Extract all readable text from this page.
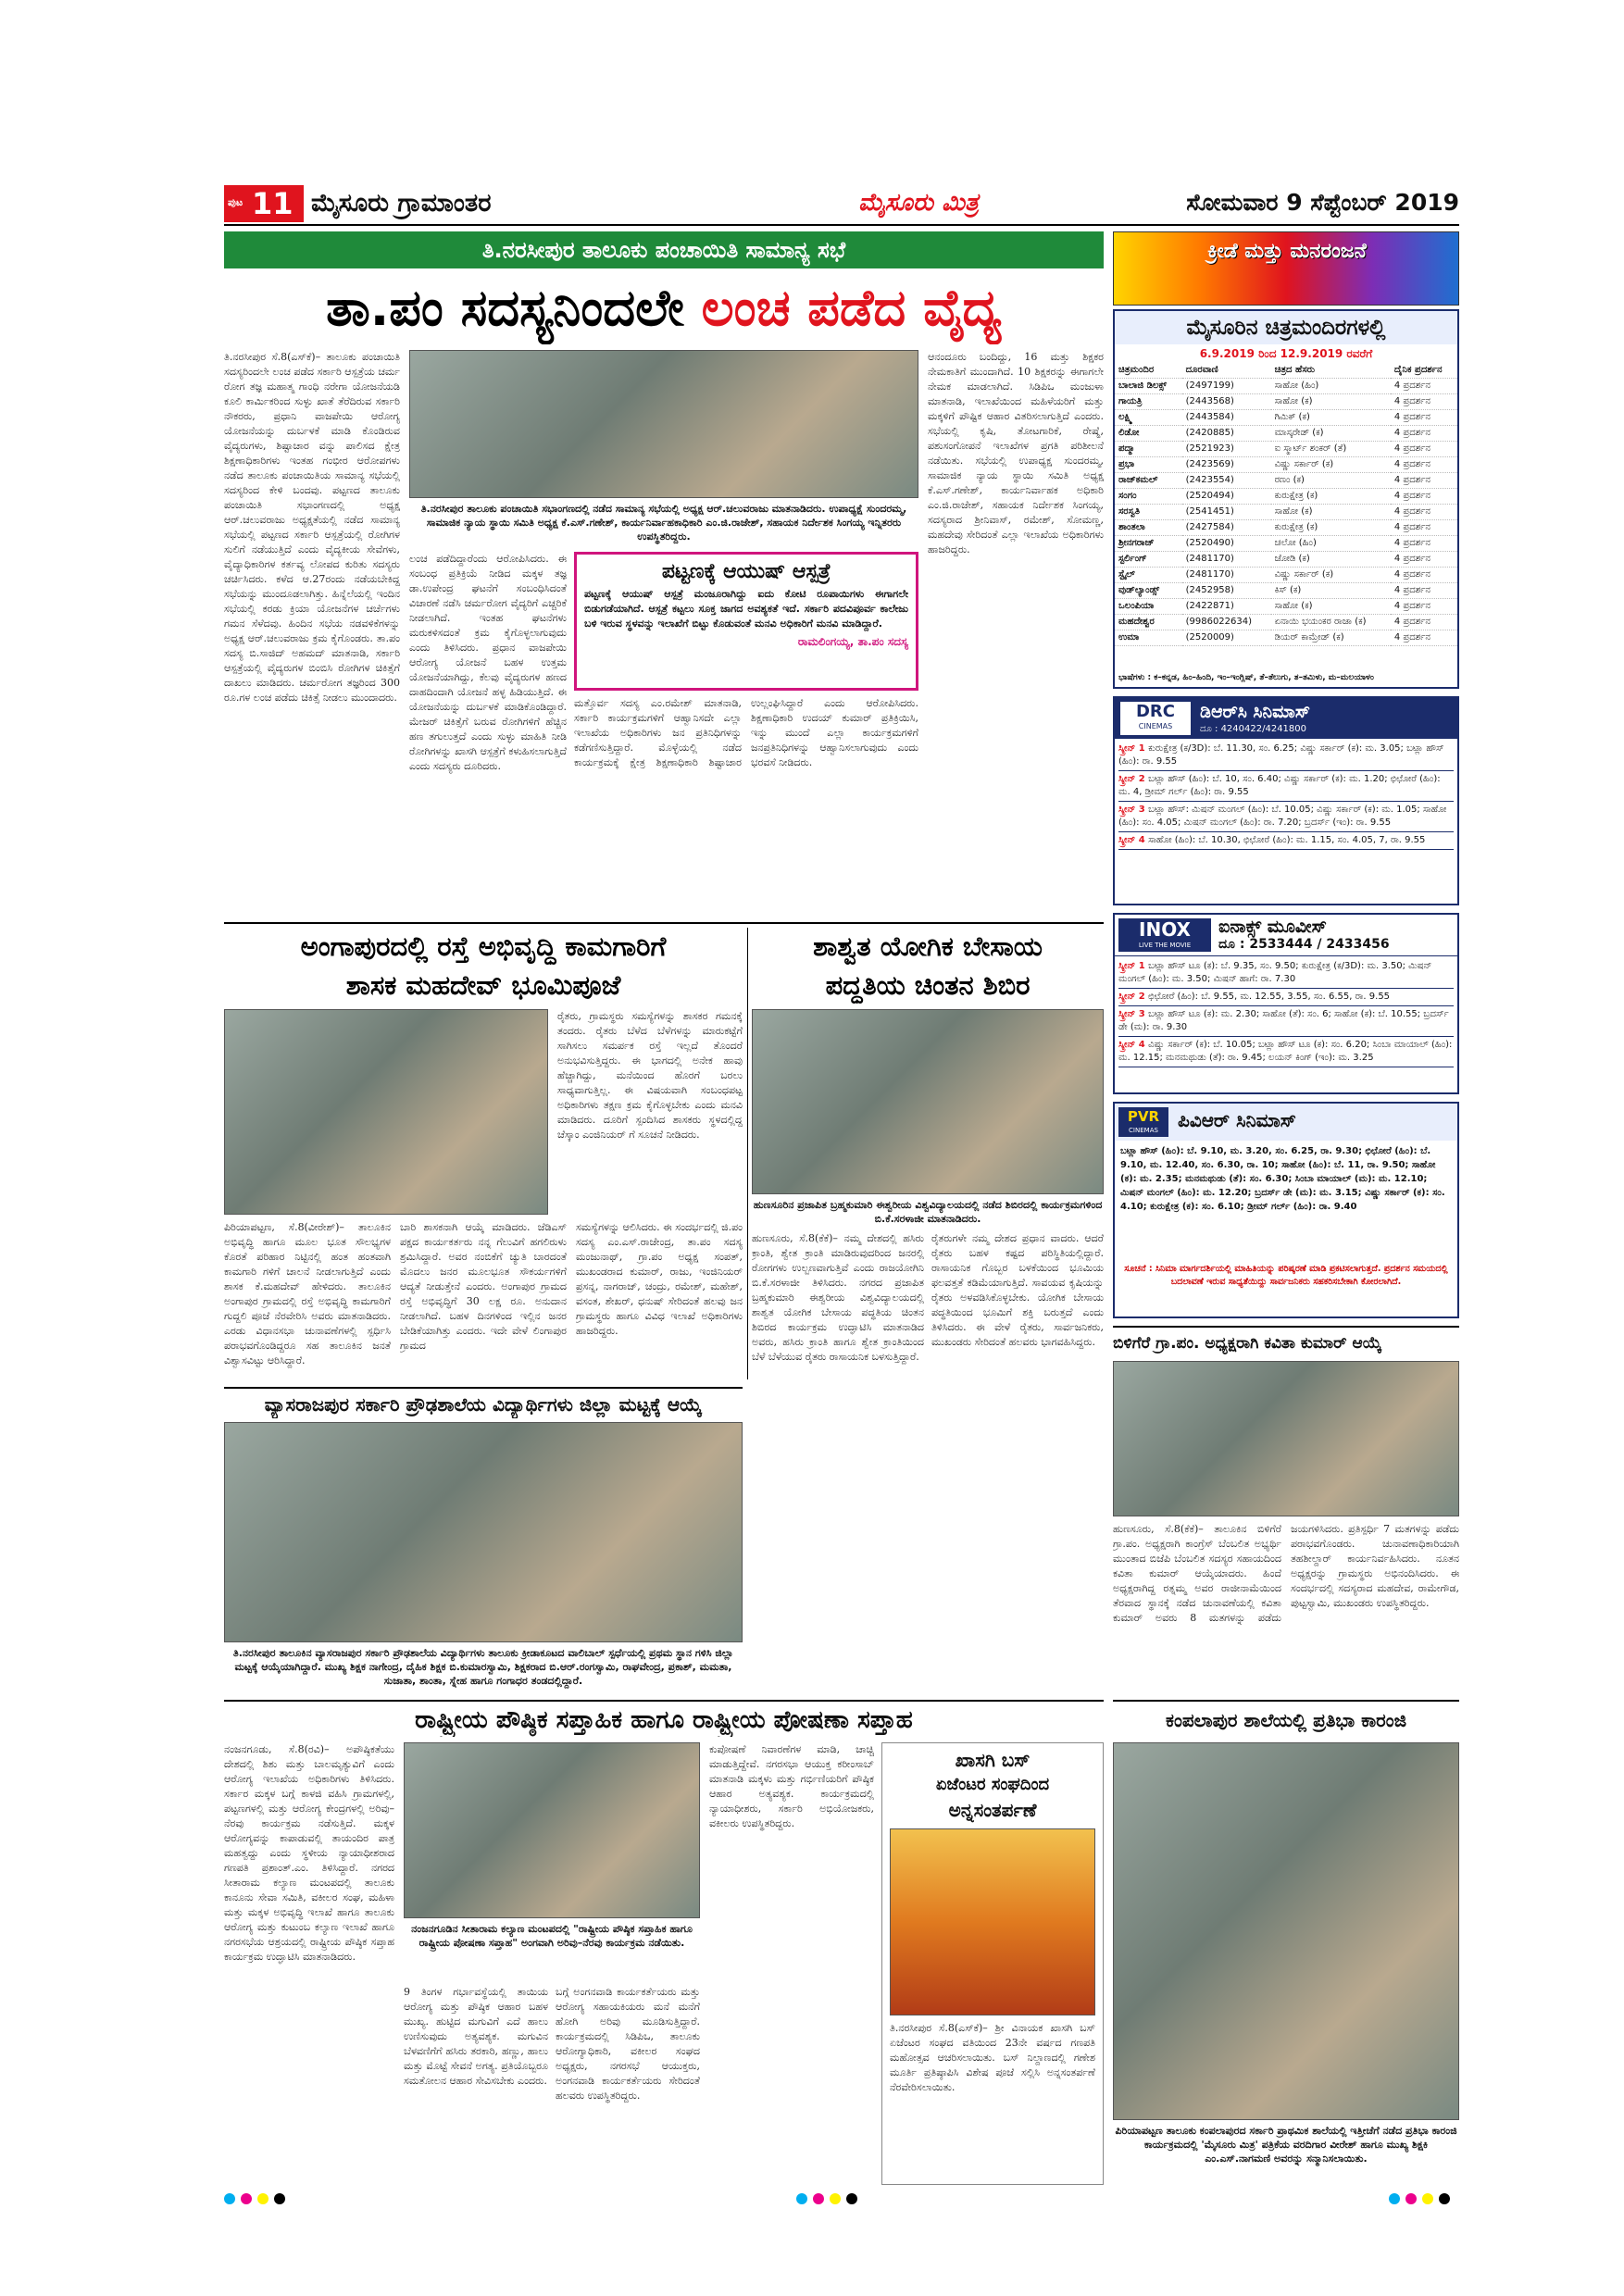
ಪುಟ 11 ಮೈಸೂರು ಗ್ರಾಮಾಂತರ	ಮೈಸೂರು ಮಿತ್ರ	ಸೋಮವಾರ 9 ಸೆಪ್ಟೆಂಬರ್ 2019
ತಿ.ನರಸೀಪುರ ತಾಲೂಕು ಪಂಚಾಯಿತಿ ಸಾಮಾನ್ಯ ಸಭೆ
ತಾ.ಪಂ ಸದಸ್ಯನಿಂದಲೇ ಲಂಚ ಪಡೆದ ವೈದ್ಯ
ತಿ.ನರಸೀಪುರ ಸೆ.8(ಎಸ್‌ಕೆ)– ತಾಲೂಕು ಪಂಚಾಯಿತಿ ಸದಸ್ಯರಿಂದಲೇ ಲಂಚ ಪಡೆದ ಸರ್ಕಾರಿ ಆಸ್ಪತ್ರೆಯ ಚರ್ಮ ರೋಗ ತಜ್ಞ ಮಹಾತ್ಮ ಗಾಂಧಿ ನರೇಗಾ ಯೋಜನೆಯಡಿ ಕೂಲಿ ಕಾರ್ಮಿಕರಿಂದ ಸುಳ್ಳು ಖಾತೆ ತೆರೆದಿರುವ ಸರ್ಕಾರಿ ನೌಕರರು, ಪ್ರಧಾನಿ ವಾಜಪೇಯಿ ಆರೋಗ್ಯ ಯೋಜನೆಯನ್ನು ದುರ್ಬಳಕೆ ಮಾಡಿ ಕೊಂಡಿರುವ ವೈದ್ಯರುಗಳು, ಶಿಷ್ಟಾಚಾರ ವನ್ನು ಪಾಲಿಸದ ಕ್ಷೇತ್ರ ಶಿಕ್ಷಣಾಧಿಕಾರಿಗಳು ಇಂತಹ ಗಂಭೀರ ಆರೋಪಗಳು ನಡೆದ ತಾಲೂಕು ಪಂಚಾಯಿತಿಯ ಸಾಮಾನ್ಯ ಸಭೆಯಲ್ಲಿ ಸದಸ್ಯರಿಂದ ಕೇಳಿ ಬಂದವು. ಪಟ್ಟಣದ ತಾಲೂಕು ಪಂಚಾಯಿತಿ ಸಭಾಂಗಣದಲ್ಲಿ ಅಧ್ಯಕ್ಷ ಆರ್.ಚಲುವರಾಜು ಅಧ್ಯಕ್ಷತೆಯಲ್ಲಿ ನಡೆದ ಸಾಮಾನ್ಯ ಸಭೆಯಲ್ಲಿ ಪಟ್ಟಣದ ಸರ್ಕಾರಿ ಆಸ್ಪತ್ರೆಯಲ್ಲಿ ರೋಗಿಗಳ ಸುಲಿಗೆ ನಡೆಯುತ್ತಿದೆ ಎಂದು ವೈದ್ಯಕೀಯ ಸೇವೆಗಳು, ವೈದ್ಯಾಧಿಕಾರಿಗಳ ಕರ್ತವ್ಯ ಲೋಪದ ಕುರಿತು ಸದಸ್ಯರು ಚರ್ಚಿಸಿದರು. ಕಳೆದ ಆ.27ರಂದು ನಡೆಯಬೇಕಿದ್ದ ಸಭೆಯನ್ನು ಮುಂದೂಡಲಾಗಿತ್ತು. ಹಿನ್ನೆಲೆಯಲ್ಲಿ ಇಂದಿನ ಸಭೆಯಲ್ಲಿ ಕರಡು ಕ್ರಿಯಾ ಯೋಜನೆಗಳ ಚರ್ಚೆಗಳು ಗಮನ ಸೆಳೆದವು. ಹಿಂದಿನ ಸಭೆಯ ನಡವಳಿಕೆಗಳನ್ನು ಅಧ್ಯಕ್ಷ ಆರ್.ಚಲುವರಾಜು ಕ್ರಮ ಕೈಗೊಂಡರು. ತಾ.ಪಂ ಸದಸ್ಯ ಬಿ.ಸಾಜಿದ್ ಅಹಮದ್ ಮಾತನಾಡಿ, ಸರ್ಕಾರಿ ಆಸ್ಪತ್ರೆಯಲ್ಲಿ ವೈದ್ಯರುಗಳ ಬಿಂಬಿಸಿ ರೋಗಿಗಳ ಚಿಕಿತ್ಸೆಗೆ ದಾಖಲು ಮಾಡಿದರು. ಚರ್ಮರೋಗ ತಜ್ಞರಿಂದ 300 ರೂ.ಗಳ ಲಂಚ ಪಡೆದು ಚಿಕಿತ್ಸೆ ನೀಡಲು ಮುಂದಾದರು.
ತಿ.ನರಸೀಪುರ ತಾಲೂಕು ಪಂಚಾಯಿತಿ ಸಭಾಂಗಣದಲ್ಲಿ ನಡೆದ ಸಾಮಾನ್ಯ ಸಭೆಯಲ್ಲಿ ಅಧ್ಯಕ್ಷ ಆರ್.ಚಲುವರಾಜು ಮಾತನಾಡಿದರು. ಉಪಾಧ್ಯಕ್ಷೆ ಸುಂದರಮ್ಮ, ಸಾಮಾಜಿಕ ನ್ಯಾಯ ಸ್ಥಾಯಿ ಸಮಿತಿ ಅಧ್ಯಕ್ಷ ಕೆ.ಎಸ್.ಗಣೇಶ್, ಕಾರ್ಯನಿರ್ವಾಹಕಾಧಿಕಾರಿ ಎಂ.ಜಿ.ರಾಜೇಶ್, ಸಹಾಯಕ ನಿರ್ದೇಶಕ ಸಿಂಗಯ್ಯ ಇನ್ನಿತರರು ಉಪಸ್ಥಿತರಿದ್ದರು.
ಲಂಚ ಪಡೆದಿದ್ದಾರೆಂದು ಆರೋಪಿಸಿದರು. ಈ ಸಂಬಂಧ ಪ್ರತಿಕ್ರಿಯೆ ನೀಡಿದ ಮಕ್ಕಳ ತಜ್ಞ ಡಾ.ಉಪೇಂದ್ರ ಘಟನೆಗೆ ಸಂಬಂಧಿಸಿದಂತೆ ವಿಚಾರಣೆ ನಡೆಸಿ ಚರ್ಮರೋಗ ವೈದ್ಯರಿಗೆ ಎಚ್ಚರಿಕೆ ನೀಡಲಾಗಿದೆ. ಇಂತಹ ಘಟನೆಗಳು ಮರುಕಳಿಸದಂತೆ ಕ್ರಮ ಕೈಗೊಳ್ಳಲಾಗುವುದು ಎಂದು ತಿಳಿಸಿದರು. ಪ್ರಧಾನ ವಾಜಪೇಯಿ ಆರೋಗ್ಯ ಯೋಜನೆ ಬಹಳ ಉತ್ತಮ ಯೋಜನೆಯಾಗಿದ್ದು, ಕೆಲವು ವೈದ್ಯರುಗಳ ಹಣದ ದಾಹದಿಂದಾಗಿ ಯೋಜನೆ ಹಳ್ಳ ಹಿಡಿಯುತ್ತಿದೆ. ಈ ಯೋಜನೆಯನ್ನು ದುರ್ಬಳಕೆ ಮಾಡಿಕೊಂಡಿದ್ದಾರೆ. ಮೇಜರ್ ಚಿಕಿತ್ಸೆಗೆ ಬರುವ ರೋಗಿಗಳಿಗೆ ಹೆಚ್ಚಿನ ಹಣ ತಗುಲುತ್ತದೆ ಎಂದು ಸುಳ್ಳು ಮಾಹಿತಿ ನೀಡಿ ರೋಗಿಗಳನ್ನು ಖಾಸಗಿ ಆಸ್ಪತ್ರೆಗೆ ಕಳುಹಿಸಲಾಗುತ್ತಿದೆ ಎಂದು ಸದಸ್ಯರು ದೂರಿದರು.
ಪಟ್ಟಣಕ್ಕೆ ಆಯುಷ್ ಆಸ್ಪತ್ರೆ
ಪಟ್ಟಣಕ್ಕೆ ಆಯುಷ್ ಆಸ್ಪತ್ರೆ ಮಂಜೂರಾಗಿದ್ದು ಐದು ಕೋಟಿ ರೂಪಾಯಿಗಳು ಈಗಾಗಲೇ ಬಿಡುಗಡೆಯಾಗಿದೆ. ಆಸ್ಪತ್ರೆ ಕಟ್ಟಲು ಸೂಕ್ತ ಜಾಗದ ಅವಶ್ಯಕತೆ ಇದೆ. ಸರ್ಕಾರಿ ಪದವಿಪೂರ್ವ ಕಾಲೇಜು ಬಳಿ ಇರುವ ಸ್ಥಳವನ್ನು ಇಲಾಖೆಗೆ ಬಿಟ್ಟು ಕೊಡುವಂತೆ ಮನವಿ ಅಧಿಕಾರಿಗೆ ಮನವಿ ಮಾಡಿದ್ದಾರೆ.
ರಾಮಲಿಂಗಯ್ಯ, ತಾ.ಪಂ ಸದಸ್ಯ
ಮತ್ತೊರ್ವ ಸದಸ್ಯ ಎಂ.ರಮೇಶ್ ಮಾತನಾಡಿ, ಸರ್ಕಾರಿ ಕಾರ್ಯಕ್ರಮಗಳಿಗೆ ಆಹ್ವಾನಿಸದೇ ಎಲ್ಲಾ ಇಲಾಖೆಯ ಅಧಿಕಾರಿಗಳು ಜನ ಪ್ರತಿನಿಧಿಗಳನ್ನು ಕಡೆಗಣಿಸುತ್ತಿದ್ದಾರೆ. ಮೊಳ್ಳೆಯಲ್ಲಿ ನಡೆದ ಕಾರ್ಯಕ್ರಮಕ್ಕೆ ಕ್ಷೇತ್ರ ಶಿಕ್ಷಣಾಧಿಕಾರಿ ಶಿಷ್ಟಾಚಾರ ಉಲ್ಲಂಘಿಸಿದ್ದಾರೆ ಎಂದು ಆರೋಪಿಸಿದರು. ಶಿಕ್ಷಣಾಧಿಕಾರಿ ಉದಯ್ ಕುಮಾರ್ ಪ್ರತಿಕ್ರಿಯಿಸಿ, ಇನ್ನು ಮುಂದೆ ಎಲ್ಲಾ ಕಾರ್ಯಕ್ರಮಗಳಿಗೆ ಜನಪ್ರತಿನಿಧಿಗಳನ್ನು ಆಹ್ವಾನಿಸಲಾಗುವುದು ಎಂದು ಭರವಸೆ ನೀಡಿದರು.
ಆನಂದೂರು ಬಂದಿದ್ದು, 16 ಮತ್ತು ಶಿಕ್ಷಕರ ನೇಮಕಾತಿಗೆ ಮುಂದಾಗಿದೆ. 10 ಶಿಕ್ಷಕರನ್ನು ಈಗಾಗಲೇ ನೇಮಕ ಮಾಡಲಾಗಿದೆ. ಸಿಡಿಪಿಒ ಮಂಜುಳಾ ಮಾತನಾಡಿ, ಇಲಾಖೆಯಿಂದ ಮಹಿಳೆಯರಿಗೆ ಮತ್ತು ಮಕ್ಕಳಿಗೆ ಪೌಷ್ಟಿಕ ಆಹಾರ ವಿತರಿಸಲಾಗುತ್ತಿದೆ ಎಂದರು. ಸಭೆಯಲ್ಲಿ ಕೃಷಿ, ತೋಟಗಾರಿಕೆ, ರೇಷ್ಮೆ, ಪಶುಸಂಗೋಪನೆ ಇಲಾಖೆಗಳ ಪ್ರಗತಿ ಪರಿಶೀಲನೆ ನಡೆಯಿತು. ಸಭೆಯಲ್ಲಿ ಉಪಾಧ್ಯಕ್ಷ ಸುಂದರಮ್ಮ, ಸಾಮಾಜಿಕ ನ್ಯಾಯ ಸ್ಥಾಯಿ ಸಮಿತಿ ಅಧ್ಯಕ್ಷ ಕೆ.ಎಸ್.ಗಣೇಶ್, ಕಾರ್ಯನಿರ್ವಾಹಕ ಅಧಿಕಾರಿ ಎಂ.ಜಿ.ರಾಜೇಶ್, ಸಹಾಯಕ ನಿರ್ದೇಶಕ ಸಿಂಗಯ್ಯ, ಸದಸ್ಯರಾದ ಶ್ರೀನಿವಾಸ್, ರಮೇಶ್, ಸೋಮಣ್ಣ, ಮಹದೇವು ಸೇರಿದಂತೆ ಎಲ್ಲಾ ಇಲಾಖೆಯ ಅಧಿಕಾರಿಗಳು ಹಾಜರಿದ್ದರು.
ಕ್ರೀಡೆ ಮತ್ತು ಮನರಂಜನೆ
ಮೈಸೂರಿನ ಚಿತ್ರಮಂದಿರಗಳಲ್ಲಿ
6.9.2019 ರಿಂದ 12.9.2019 ರವರೆಗೆ
ಚಿತ್ರಮಂದಿರ	ದೂರವಾಣಿ	ಚಿತ್ರದ ಹೆಸರು	ದೈನಿಕ ಪ್ರದರ್ಶನ
ಬಾಲಾಜಿ ಡಿಲಕ್ಸ್	(2497199)	ಸಾಹೋ (ಹಿಂ)	4 ಪ್ರದರ್ಶನ
ಗಾಯತ್ರಿ	(2443568)	ಸಾಹೋ (ಕ)	4 ಪ್ರದರ್ಶನ
ಲಕ್ಷ್ಮಿ	(2443584)	ಗಿಮಿಕ್ (ಕ)	4 ಪ್ರದರ್ಶನ
ಲಿಡೋ	(2420885)	ಮಾಸ್ಕರೇಡ್ (ಕ)	4 ಪ್ರದರ್ಶನ
ಪದ್ಮಾ	(2521923)	ಐ ಸ್ಮಾರ್ಟ್ ಶಂಕರ್ (ತೆ)	4 ಪ್ರದರ್ಶನ
ಪ್ರಭಾ	(2423569)	ವಿಷ್ಣು ಸರ್ಕಾರ್ (ಕ)	4 ಪ್ರದರ್ಶನ
ರಾಜ್‌ಕಮಲ್	(2423554)	ರಣಂ (ಕ)	4 ಪ್ರದರ್ಶನ
ಸಂಗಂ	(2520494)	ಕುರುಕ್ಷೇತ್ರ (ಕ)	4 ಪ್ರದರ್ಶನ
ಸರಸ್ವತಿ	(2541451)	ಸಾಹೋ (ಕ)	4 ಪ್ರದರ್ಶನ
ಶಾಂತಲಾ	(2427584)	ಕುರುಕ್ಷೇತ್ರ (ಕ)	4 ಪ್ರದರ್ಶನ
ಶ್ರೀನಗರಾಜ್	(2520490)	ಚಲೋ (ಹಿಂ)	4 ಪ್ರದರ್ಶನ
ಸ್ಟರ್ಲಿಂಗ್	(2481170)	ಜೋಡಿ (ಕ)	4 ಪ್ರದರ್ಶನ
ಸ್ಟೈಲ್	(2481170)	ವಿಷ್ಣು ಸರ್ಕಾರ್ (ಕ)	4 ಪ್ರದರ್ಶನ
ವುಡ್‌ಲ್ಯಾಂಡ್ಸ್	(2452958)	ಕಿಸ್ (ಕ)	4 ಪ್ರದರ್ಶನ
ಒಲಂಪಿಯಾ	(2422871)	ಸಾಹೋ (ಕ)	4 ಪ್ರದರ್ಶನ
ಮಹದೇಶ್ವರ	(9986022634)	ಏನಾಯಿ ಭಯಂಕರ ರಾಜಾ (ಕ)	4 ಪ್ರದರ್ಶನ
ಉಮಾ	(2520009)	ಡಿಯರ್ ಕಾಮ್ರೇಡ್ (ಕ)	4 ಪ್ರದರ್ಶನ
ಭಾಷೆಗಳು : ಕ–ಕನ್ನಡ, ಹಿಂ–ಹಿಂದಿ, ಇಂ–ಇಂಗ್ಲಿಷ್, ತೆ–ತೆಲುಗು, ತ–ತಮಿಳು, ಮ–ಮಲಯಾಳಂ
DRC
CINEMAS
ಡಿಆರ್‌ಸಿ ಸಿನಿಮಾಸ್
ದೂ : 4240422/4241800
ಸ್ಕ್ರೀನ್ 1 ಕುರುಕ್ಷೇತ್ರ (ಕ/3D): ಬೆ. 11.30, ಸಂ. 6.25; ವಿಷ್ಣು ಸರ್ಕಾರ್ (ಕ): ಮ. 3.05; ಬಟ್ಲಾ ಹೌಸ್ (ಹಿಂ): ರಾ. 9.55
ಸ್ಕ್ರೀನ್ 2 ಬಟ್ಲಾ ಹೌಸ್ (ಹಿಂ): ಬೆ. 10, ಸಂ. 6.40; ವಿಷ್ಣು ಸರ್ಕಾರ್ (ಕ): ಮ. 1.20; ಛಿಛೋರೆ (ಹಿಂ): ಮ. 4, ಡ್ರೀಮ್ ಗರ್ಲ್ (ಹಿಂ): ರಾ. 9.55
ಸ್ಕ್ರೀನ್ 3 ಬಟ್ಲಾ ಹೌಸ್: ಮಿಷನ್ ಮಂಗಲ್ (ಹಿಂ): ಬೆ. 10.05; ವಿಷ್ಣು ಸರ್ಕಾರ್ (ಕ): ಮ. 1.05; ಸಾಹೋ (ಹಿಂ): ಸಂ. 4.05; ಮಿಷನ್ ಮಂಗಲ್ (ಹಿಂ): ರಾ. 7.20; ಬ್ರದರ್ಸ್ (ಇಂ): ರಾ. 9.55
ಸ್ಕ್ರೀನ್ 4 ಸಾಹೋ (ಹಿಂ): ಬೆ. 10.30, ಛಿಛೋರೆ (ಹಿಂ): ಮ. 1.15, ಸಂ. 4.05, 7, ರಾ. 9.55
INOX
LIVE THE MOVIE
ಐನಾಕ್ಸ್ ಮೂವೀಸ್
ದೂ : 2533444 / 2433456
ಸ್ಕ್ರೀನ್ 1 ಬಟ್ಲಾ ಹೌಸ್ ಟೂ (ಕ): ಬೆ. 9.35, ಸಂ. 9.50; ಕುರುಕ್ಷೇತ್ರ (ಕ/3D): ಮ. 3.50; ಮಿಷನ್ ಮಂಗಲ್ (ಹಿಂ): ಮ. 3.50; ಮಿಷನ್ ಹಾಗೆ: ರಾ. 7.30
ಸ್ಕ್ರೀನ್ 2 ಛಿಛೋರೆ (ಹಿಂ): ಬೆ. 9.55, ಮ. 12.55, 3.55, ಸಂ. 6.55, ರಾ. 9.55
ಸ್ಕ್ರೀನ್ 3 ಬಟ್ಲಾ ಹೌಸ್ ಟೂ (ಕ): ಮ. 2.30; ಸಾಹೋ (ತೆ): ಸಂ. 6; ಸಾಹೋ (ಕ): ಬೆ. 10.55; ಬ್ರದರ್ಸ್ ಡೇ (ಮ): ರಾ. 9.30
ಸ್ಕ್ರೀನ್ 4 ವಿಷ್ಣು ಸರ್ಕಾರ್ (ಕ): ಬೆ. 10.05; ಬಟ್ಲಾ ಹೌಸ್ ಟೂ (ಕ): ಸಂ. 6.20; ಸಿಂಬಾ ಮಾಯಾಲ್ (ಹಿಂ): ಮ. 12.15; ಮನಮಥುಡು (ತೆ): ರಾ. 9.45; ಲಯನ್ ಕಿಂಗ್ (ಇಂ): ಮ. 3.25
PVR
CINEMAS	ಪಿವಿಆರ್ ಸಿನಿಮಾಸ್
ಬಟ್ಲಾ ಹೌಸ್ (ಹಿಂ): ಬೆ. 9.10, ಮ. 3.20, ಸಂ. 6.25, ರಾ. 9.30; ಛಿಛೋರೆ (ಹಿಂ): ಬೆ. 9.10, ಮ. 12.40, ಸಂ. 6.30, ರಾ. 10; ಸಾಹೋ (ಹಿಂ): ಬೆ. 11, ರಾ. 9.50; ಸಾಹೋ (ಕ): ಮ. 2.35; ಮನಮಥುಡು (ತೆ): ಸಂ. 6.30; ಸಿಂಬಾ ಮಾಯಾಲ್ (ಮ): ಮ. 12.10; ಮಿಷನ್ ಮಂಗಲ್ (ಹಿಂ): ಮ. 12.20; ಬ್ರದರ್ಸ್ ಡೇ (ಮ): ಮ. 3.15; ವಿಷ್ಣು ಸರ್ಕಾರ್ (ಕ): ಸಂ. 4.10; ಕುರುಕ್ಷೇತ್ರ (ಕ): ಸಂ. 6.10; ಡ್ರೀಮ್ ಗರ್ಲ್ (ಹಿಂ): ರಾ. 9.40
ಸೂಚನೆ : ಸಿನಿಮಾ ಮಾರ್ಗದರ್ಶಿಯಲ್ಲಿ ಮಾಹಿತಿಯನ್ನು ಪರಿಷ್ಕರಣೆ ಮಾಡಿ ಪ್ರಕಟಿಸಲಾಗುತ್ತದೆ. ಪ್ರದರ್ಶನ ಸಮಯದಲ್ಲಿ ಬದಲಾವಣೆ ಇರುವ ಸಾಧ್ಯತೆಯಿದ್ದು ಸಾರ್ವಜನಿಕರು ಸಹಕರಿಸಬೇಕಾಗಿ ಕೋರಲಾಗಿದೆ.
ಅಂಗಾಪುರದಲ್ಲಿ ರಸ್ತೆ ಅಭಿವೃದ್ಧಿ ಕಾಮಗಾರಿಗೆ
ಶಾಸಕ ಮಹದೇವ್ ಭೂಮಿಪೂಜೆ
ರೈತರು, ಗ್ರಾಮಸ್ಥರು ಸಮಸ್ಯೆಗಳನ್ನು ಶಾಸಕರ ಗಮನಕ್ಕೆ ತಂದರು. ರೈತರು ಬೆಳೆದ ಬೆಳೆಗಳನ್ನು ಮಾರುಕಟ್ಟೆಗೆ ಸಾಗಿಸಲು ಸಮರ್ಪಕ ರಸ್ತೆ ಇಲ್ಲದೆ ತೊಂದರೆ ಅನುಭವಿಸುತ್ತಿದ್ದರು. ಈ ಭಾಗದಲ್ಲಿ ಅನೇಕ ಹಾವು ಹೆಚ್ಚಾಗಿದ್ದು, ಮನೆಯಿಂದ ಹೊರಗೆ ಬರಲು ಸಾಧ್ಯವಾಗುತ್ತಿಲ್ಲ. ಈ ವಿಷಯವಾಗಿ ಸಂಬಂಧಪಟ್ಟ ಅಧಿಕಾರಿಗಳು ತಕ್ಷಣ ಕ್ರಮ ಕೈಗೊಳ್ಳಬೇಕು ಎಂದು ಮನವಿ ಮಾಡಿದರು. ದೂರಿಗೆ ಸ್ಪಂದಿಸಿದ ಶಾಸಕರು ಸ್ಥಳದಲ್ಲಿದ್ದ ಚೆಸ್ಕಾಂ ಎಂಜಿನಿಯರ್ ಗೆ ಸೂಚನೆ ನೀಡಿದರು.
ಪಿರಿಯಾಪಟ್ಟಣ, ಸೆ.8(ವೀರೇಶ್)– ತಾಲೂಕಿನ ಅಭಿವೃದ್ಧಿ ಹಾಗೂ ಮೂಲ ಭೂತ ಸೌಲಭ್ಯಗಳ ಕೊರತೆ ಪರಿಹಾರ ನಿಟ್ಟಿನಲ್ಲಿ ಹಂತ ಹಂತವಾಗಿ ಕಾಮಗಾರಿ ಗಳಿಗೆ ಚಾಲನೆ ನೀಡಲಾಗುತ್ತಿದೆ ಎಂದು ಶಾಸಕ ಕೆ.ಮಹದೇವ್ ಹೇಳಿದರು. ತಾಲೂಕಿನ ಅಂಗಾಪುರ ಗ್ರಾಮದಲ್ಲಿ ರಸ್ತೆ ಅಭಿವೃದ್ಧಿ ಕಾಮಗಾರಿಗೆ ಗುದ್ದಲಿ ಪೂಜೆ ನೆರವೇರಿಸಿ ಅವರು ಮಾತನಾಡಿದರು. ಎರಡು ವಿಧಾನಸಭಾ ಚುನಾವಣೆಗಳಲ್ಲಿ ಸ್ಪರ್ಧಿಸಿ ಪರಾಭವಗೊಂಡಿದ್ದರೂ ಸಹ ತಾಲೂಕಿನ ಜನತೆ ವಿಶ್ವಾಸವಿಟ್ಟು ಆರಿಸಿದ್ದಾರೆ.
ಬಾರಿ ಶಾಸಕನಾಗಿ ಆಯ್ಕೆ ಮಾಡಿದರು. ಜೆಡಿಎಸ್ ಪಕ್ಷದ ಕಾರ್ಯಕರ್ತರು ನನ್ನ ಗೆಲುವಿಗೆ ಹಗಲಿರುಳು ಶ್ರಮಿಸಿದ್ದಾರೆ. ಅವರ ನಂಬಿಕೆಗೆ ಚ್ಯುತಿ ಬಾರದಂತೆ ಮೊದಲು ಜನರ ಮೂಲಭೂತ ಸೌಕರ್ಯಗಳಿಗೆ ಆದ್ಯತೆ ನೀಡುತ್ತೇನೆ ಎಂದರು. ಅಂಗಾಪುರ ಗ್ರಾಮದ ರಸ್ತೆ ಅಭಿವೃದ್ಧಿಗೆ 30 ಲಕ್ಷ ರೂ. ಅನುದಾನ ನೀಡಲಾಗಿದೆ. ಬಹಳ ದಿನಗಳಿಂದ ಇಲ್ಲಿನ ಜನರ ಬೇಡಿಕೆಯಾಗಿತ್ತು ಎಂದರು. ಇದೇ ವೇಳೆ ಲಿಂಗಾಪುರ ಗ್ರಾಮದ
ಸಮಸ್ಯೆಗಳನ್ನು ಆಲಿಸಿದರು. ಈ ಸಂದರ್ಭದಲ್ಲಿ ಜಿ.ಪಂ ಸದಸ್ಯ ಎಂ.ಎಸ್.ರಾಜೇಂದ್ರ, ತಾ.ಪಂ ಸದಸ್ಯ ಮಂಜುನಾಥ್, ಗ್ರಾ.ಪಂ ಅಧ್ಯಕ್ಷ ಸಂಪತ್, ಮುಖಂಡರಾದ ಕುಮಾರ್, ರಾಜು, ಇಂಜಿನಿಯರ್ ಪ್ರಸನ್ನ, ನಾಗರಾಜ್, ಚಂದ್ರು, ರಮೇಶ್, ಮಹೇಶ್, ವಸಂತ, ಶೇಖರ್, ಧನುಷ್ ಸೇರಿದಂತೆ ಹಲವು ಜನ ಗ್ರಾಮಸ್ಥರು ಹಾಗೂ ವಿವಿಧ ಇಲಾಖೆ ಅಧಿಕಾರಿಗಳು ಹಾಜರಿದ್ದರು.
ಶಾಶ್ವತ ಯೋಗಿಕ ಬೇಸಾಯ
ಪದ್ಧತಿಯ ಚಿಂತನ ಶಿಬಿರ
ಹುಣಸೂರಿನ ಪ್ರಜಾಪಿತ ಬ್ರಹ್ಮಕುಮಾರಿ ಈಶ್ವರೀಯ ವಿಶ್ವವಿದ್ಯಾಲಯದಲ್ಲಿ ನಡೆದ ಶಿಬಿರದಲ್ಲಿ ಕಾರ್ಯಕ್ರಮಗಳಿಂದ ಬಿ.ಕೆ.ಸರಳಾಜೀ ಮಾತನಾಡಿದರು.
ಹುಣಸೂರು, ಸೆ.8(ಕೆಕೆ)– ನಮ್ಮ ದೇಶದಲ್ಲಿ ಹಸಿರು ಕ್ರಾಂತಿ, ಶ್ವೇತ ಕ್ರಾಂತಿ ಮಾಡಿರುವುದರಿಂದ ಜನರಲ್ಲಿ ರೋಗಗಳು ಉಲ್ಬಣವಾಗುತ್ತಿವೆ ಎಂದು ರಾಜಯೋಗಿನಿ ಬಿ.ಕೆ.ಸರಳಾಜೀ ತಿಳಿಸಿದರು. ನಗರದ ಪ್ರಜಾಪಿತ ಬ್ರಹ್ಮಕುಮಾರಿ ಈಶ್ವರೀಯ ವಿಶ್ವವಿದ್ಯಾಲಯದಲ್ಲಿ ಶಾಶ್ವತ ಯೋಗಿಕ ಬೇಸಾಯ ಪದ್ಧತಿಯ ಚಿಂತನ ಶಿಬಿರದ ಕಾರ್ಯಕ್ರಮ ಉದ್ಘಾಟಿಸಿ ಮಾತನಾಡಿದ ಅವರು, ಹಸಿರು ಕ್ರಾಂತಿ ಹಾಗೂ ಶ್ವೇತ ಕ್ರಾಂತಿಯಿಂದ ಬೆಳೆ ಬೆಳೆಯುವ ರೈತರು ರಾಸಾಯನಿಕ ಬಳಸುತ್ತಿದ್ದಾರೆ.
ರೈತರುಗಳೇ ನಮ್ಮ ದೇಶದ ಪ್ರಧಾನ ವಾದರು. ಆದರೆ ರೈತರು ಬಹಳ ಕಷ್ಟದ ಪರಿಸ್ಥಿತಿಯಲ್ಲಿದ್ದಾರೆ. ರಾಸಾಯನಿಕ ಗೊಬ್ಬರ ಬಳಕೆಯಿಂದ ಭೂಮಿಯ ಫಲವತ್ತತೆ ಕಡಿಮೆಯಾಗುತ್ತಿದೆ. ಸಾವಯವ ಕೃಷಿಯನ್ನು ರೈತರು ಅಳವಡಿಸಿಕೊಳ್ಳಬೇಕು. ಯೋಗಿಕ ಬೇಸಾಯ ಪದ್ಧತಿಯಿಂದ ಭೂಮಿಗೆ ಶಕ್ತಿ ಬರುತ್ತದೆ ಎಂದು ತಿಳಿಸಿದರು. ಈ ವೇಳೆ ರೈತರು, ಸಾರ್ವಜನಿಕರು, ಮುಖಂಡರು ಸೇರಿದಂತೆ ಹಲವರು ಭಾಗವಹಿಸಿದ್ದರು.
ವ್ಯಾಸರಾಜಪುರ ಸರ್ಕಾರಿ ಪ್ರೌಢಶಾಲೆಯ ವಿದ್ಯಾರ್ಥಿಗಳು ಜಿಲ್ಲಾ ಮಟ್ಟಕ್ಕೆ ಆಯ್ಕೆ
ತಿ.ನರಸೀಪುರ ತಾಲೂಕಿನ ವ್ಯಾಸರಾಜಪುರ ಸರ್ಕಾರಿ ಪ್ರೌಢಶಾಲೆಯ ವಿದ್ಯಾರ್ಥಿಗಳು ತಾಲೂಕು ಕ್ರೀಡಾಕೂಟದ ವಾಲಿಬಾಲ್ ಸ್ಪರ್ಧೆಯಲ್ಲಿ ಪ್ರಥಮ ಸ್ಥಾನ ಗಳಿಸಿ ಜಿಲ್ಲಾ ಮಟ್ಟಕ್ಕೆ ಆಯ್ಕೆಯಾಗಿದ್ದಾರೆ. ಮುಖ್ಯ ಶಿಕ್ಷಕ ನಾಗೇಂದ್ರ, ದೈಹಿಕ ಶಿಕ್ಷಕ ಬಿ.ಕುಮಾರಸ್ವಾಮಿ, ಶಿಕ್ಷಕರಾದ ಬಿ.ಆರ್.ರಂಗಸ್ವಾಮಿ, ರಾಘವೇಂದ್ರ, ಪ್ರಕಾಶ್, ಮಮತಾ, ಸುಜಾತಾ, ಶಾಂತಾ, ಸ್ನೇಹ ಹಾಗೂ ಗಂಗಾಧರ ತಂಡದಲ್ಲಿದ್ದಾರೆ.
ಬಿಳಿಗೆರೆ ಗ್ರಾ.ಪಂ. ಅಧ್ಯಕ್ಷರಾಗಿ ಕವಿತಾ ಕುಮಾರ್ ಆಯ್ಕೆ
ಹುಣಸೂರು, ಸೆ.8(ಕೆಕೆ)– ತಾಲೂಕಿನ ಬಿಳಿಗೆರೆ ಗ್ರಾ.ಪಂ. ಅಧ್ಯಕ್ಷರಾಗಿ ಕಾಂಗ್ರೆಸ್ ಬೆಂಬಲಿತ ಅಭ್ಯರ್ಥಿ ಮುಂತಾದ ಬಿಜೆಪಿ ಬೆಂಬಲಿತ ಸದಸ್ಯರ ಸಹಾಯದಿಂದ ಕವಿತಾ ಕುಮಾರ್ ಆಯ್ಕೆಯಾದರು. ಹಿಂದೆ ಅಧ್ಯಕ್ಷರಾಗಿದ್ದ ರತ್ನಮ್ಮ ಅವರ ರಾಜೀನಾಮೆಯಿಂದ ತೆರವಾದ ಸ್ಥಾನಕ್ಕೆ ನಡೆದ ಚುನಾವಣೆಯಲ್ಲಿ ಕವಿತಾ ಕುಮಾರ್ ಅವರು 8 ಮತಗಳನ್ನು ಪಡೆದು ಜಯಗಳಿಸಿದರು. ಪ್ರತಿಸ್ಪರ್ಧಿ 7 ಮತಗಳನ್ನು ಪಡೆದು ಪರಾಭವಗೊಂಡರು. ಚುನಾವಣಾಧಿಕಾರಿಯಾಗಿ ತಹಶೀಲ್ದಾರ್ ಕಾರ್ಯನಿರ್ವಹಿಸಿದರು. ನೂತನ ಅಧ್ಯಕ್ಷರನ್ನು ಗ್ರಾಮಸ್ಥರು ಅಭಿನಂದಿಸಿದರು. ಈ ಸಂದರ್ಭದಲ್ಲಿ ಸದಸ್ಯರಾದ ಮಹದೇವ, ರಾಮೇಗೌಡ, ಪುಟ್ಟಸ್ವಾಮಿ, ಮುಖಂಡರು ಉಪಸ್ಥಿತರಿದ್ದರು.
ರಾಷ್ಟ್ರೀಯ ಪೌಷ್ಠಿಕ ಸಪ್ತಾಹಿಕ ಹಾಗೂ ರಾಷ್ಟ್ರೀಯ ಪೋಷಣಾ ಸಪ್ತಾಹ
ನಂಜನಗೂಡು, ಸೆ.8(ರವಿ)– ಅಪೌಷ್ಠಿಕತೆಯು ದೇಶದಲ್ಲಿ ಶಿಶು ಮತ್ತು ಬಾಲಮೃತ್ಯುವಿಗೆ ಎಂದು ಆರೋಗ್ಯ ಇಲಾಖೆಯ ಅಧಿಕಾರಿಗಳು ತಿಳಿಸಿದರು. ಸರ್ಕಾರ ಮಕ್ಕಳ ಬಗ್ಗೆ ಕಾಳಜಿ ವಹಿಸಿ ಗ್ರಾಮಗಳಲ್ಲಿ, ಪಟ್ಟಣಗಳಲ್ಲಿ ಮತ್ತು ಆರೋಗ್ಯ ಕೇಂದ್ರಗಳಲ್ಲಿ ಅರಿವು–ನೆರವು ಕಾರ್ಯಕ್ರಮ ನಡೆಸುತ್ತಿದೆ. ಮಕ್ಕಳ ಆರೋಗ್ಯವನ್ನು ಕಾಪಾಡುವಲ್ಲಿ ತಾಯಂದಿರ ಪಾತ್ರ ಮಹತ್ವದ್ದು ಎಂದು ಸ್ಥಳೀಯ ನ್ಯಾಯಾಧೀಶರಾದ ಗಣಪತಿ ಪ್ರಶಾಂತ್.ಎಂ. ತಿಳಿಸಿದ್ದಾರೆ. ನಗರದ ಸೀತಾರಾಮ ಕಲ್ಯಾಣ ಮಂಟಪದಲ್ಲಿ ತಾಲೂಕು ಕಾನೂನು ಸೇವಾ ಸಮಿತಿ, ವಕೀಲರ ಸಂಘ, ಮಹಿಳಾ ಮತ್ತು ಮಕ್ಕಳ ಅಭಿವೃದ್ಧಿ ಇಲಾಖೆ ಹಾಗೂ ತಾಲೂಕು ಆರೋಗ್ಯ ಮತ್ತು ಕುಟುಂಬ ಕಲ್ಯಾಣ ಇಲಾಖೆ ಹಾಗೂ ನಗರಸಭೆಯ ಆಶ್ರಯದಲ್ಲಿ ರಾಷ್ಟ್ರೀಯ ಪೌಷ್ಠಿಕ ಸಪ್ತಾಹ ಕಾರ್ಯಕ್ರಮ ಉದ್ಘಾಟಿಸಿ ಮಾತನಾಡಿದರು.
ನಂಜನಗೂಡಿನ ಸೀತಾರಾಮ ಕಲ್ಯಾಣ ಮಂಟಪದಲ್ಲಿ "ರಾಷ್ಟ್ರೀಯ ಪೌಷ್ಠಿಕ ಸಪ್ತಾಹಿಕ ಹಾಗೂ ರಾಷ್ಟ್ರೀಯ ಪೋಷಣಾ ಸಪ್ತಾಹ" ಅಂಗವಾಗಿ ಅರಿವು–ನೆರವು ಕಾರ್ಯಕ್ರಮ ನಡೆಯಿತು.
9 ತಿಂಗಳ ಗರ್ಭಾವಸ್ಥೆಯಲ್ಲಿ ತಾಯಿಯ ಆರೋಗ್ಯ ಮತ್ತು ಪೌಷ್ಠಿಕ ಆಹಾರ ಬಹಳ ಮುಖ್ಯ. ಹುಟ್ಟಿದ ಮಗುವಿಗೆ ಎದೆ ಹಾಲು ಉಣಿಸುವುದು ಅತ್ಯವಶ್ಯಕ. ಮಗುವಿನ ಬೆಳವಣಿಗೆಗೆ ಹಸಿರು ತರಕಾರಿ, ಹಣ್ಣು, ಹಾಲು ಮತ್ತು ಮೊಟ್ಟೆ ಸೇವನೆ ಅಗತ್ಯ. ಪ್ರತಿಯೊಬ್ಬರೂ ಸಮತೋಲನ ಆಹಾರ ಸೇವಿಸಬೇಕು ಎಂದರು.
ಬಗ್ಗೆ ಅಂಗನವಾಡಿ ಕಾರ್ಯಕರ್ತೆಯರು ಮತ್ತು ಆರೋಗ್ಯ ಸಹಾಯಕಿಯರು ಮನೆ ಮನೆಗೆ ಹೋಗಿ ಅರಿವು ಮೂಡಿಸುತ್ತಿದ್ದಾರೆ. ಕಾರ್ಯಕ್ರಮದಲ್ಲಿ ಸಿಡಿಪಿಒ, ತಾಲೂಕು ಆರೋಗ್ಯಾಧಿಕಾರಿ, ವಕೀಲರ ಸಂಘದ ಅಧ್ಯಕ್ಷರು, ನಗರಸಭೆ ಆಯುಕ್ತರು, ಅಂಗನವಾಡಿ ಕಾರ್ಯಕರ್ತೆಯರು ಸೇರಿದಂತೆ ಹಲವರು ಉಪಸ್ಥಿತರಿದ್ದರು.
ಕುಪೋಷಣೆ ನಿವಾರಣೆಗಳ ಮಾಡಿ, ಚಾಚ್ಚಿ ಮಾಡುತ್ತಿದ್ದೇವೆ. ನಗರಸಭಾ ಆಯುಕ್ತ ಕರೀಂಸಾಬ್ ಮಾತನಾಡಿ ಮಕ್ಕಳು ಮತ್ತು ಗರ್ಭಿಣಿಯರಿಗೆ ಪೌಷ್ಠಿಕ ಆಹಾರ ಅತ್ಯವಶ್ಯಕ. ಕಾರ್ಯಕ್ರಮದಲ್ಲಿ ನ್ಯಾಯಾಧೀಶರು, ಸರ್ಕಾರಿ ಅಭಿಯೋಜಕರು, ವಕೀಲರು ಉಪಸ್ಥಿತರಿದ್ದರು.
ಖಾಸಗಿ ಬಸ್
ಏಜೆಂಟರ ಸಂಘದಿಂದ
ಅನ್ನಸಂತರ್ಪಣೆ
ತಿ.ನರಸೀಪುರ ಸೆ.8(ಎಸ್‌ಕೆ)– ಶ್ರೀ ವಿನಾಯಕ ಖಾಸಗಿ ಬಸ್ ಏಜೆಂಟರ ಸಂಘದ ವತಿಯಿಂದ 23ನೇ ವರ್ಷದ ಗಣಪತಿ ಮಹೋತ್ಸವ ಆಚರಿಸಲಾಯಿತು. ಬಸ್ ನಿಲ್ದಾಣದಲ್ಲಿ ಗಣೇಶ ಮೂರ್ತಿ ಪ್ರತಿಷ್ಠಾಪಿಸಿ ವಿಶೇಷ ಪೂಜೆ ಸಲ್ಲಿಸಿ ಅನ್ನಸಂತರ್ಪಣೆ ನೆರವೇರಿಸಲಾಯಿತು.
ಕಂಪಲಾಪುರ ಶಾಲೆಯಲ್ಲಿ ಪ್ರತಿಭಾ ಕಾರಂಜಿ
ಪಿರಿಯಾಪಟ್ಟಣ ತಾಲೂಕು ಕಂಪಲಾಪುರದ ಸರ್ಕಾರಿ ಪ್ರಾಥಮಿಕ ಶಾಲೆಯಲ್ಲಿ ಇತ್ತೀಚೆಗೆ ನಡೆದ ಪ್ರತಿಭಾ ಕಾರಂಜಿ ಕಾರ್ಯಕ್ರಮದಲ್ಲಿ 'ಮೈಸೂರು ಮಿತ್ರ' ಪತ್ರಿಕೆಯ ವರದಿಗಾರ ವೀರೇಶ್ ಹಾಗೂ ಮುಖ್ಯ ಶಿಕ್ಷಕಿ ಎಂ.ಎಸ್.ನಾಗಮಣಿ ಅವರನ್ನು ಸನ್ಮಾನಿಸಲಾಯಿತು.
